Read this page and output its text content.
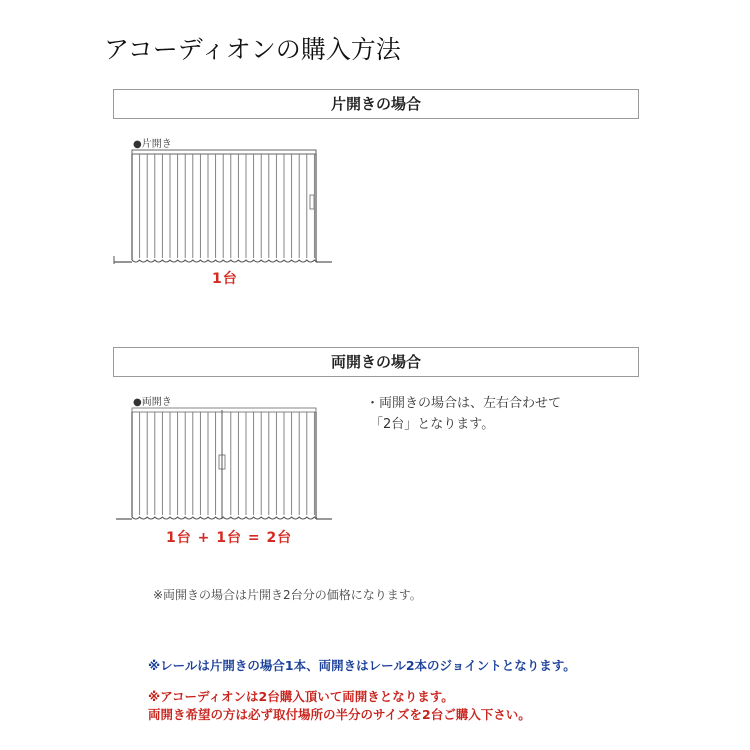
アコーディオンの購入方法
片開きの場合
●片開き
1台
両開きの場合
●両開き	・両開きの場合は、左右合わせて
「2台」となります。
1台 + 1台 = 2台
※両開きの場合は片開き2台分の価格になります。
※レールは片開きの場合1本、両開きはレール2本のジョイントとなります。
※アコーディオンは2台購入頂いて両開きとなります。
両開き希望の方は必ず取付場所の半分のサイズを2台ご購入下さい。
